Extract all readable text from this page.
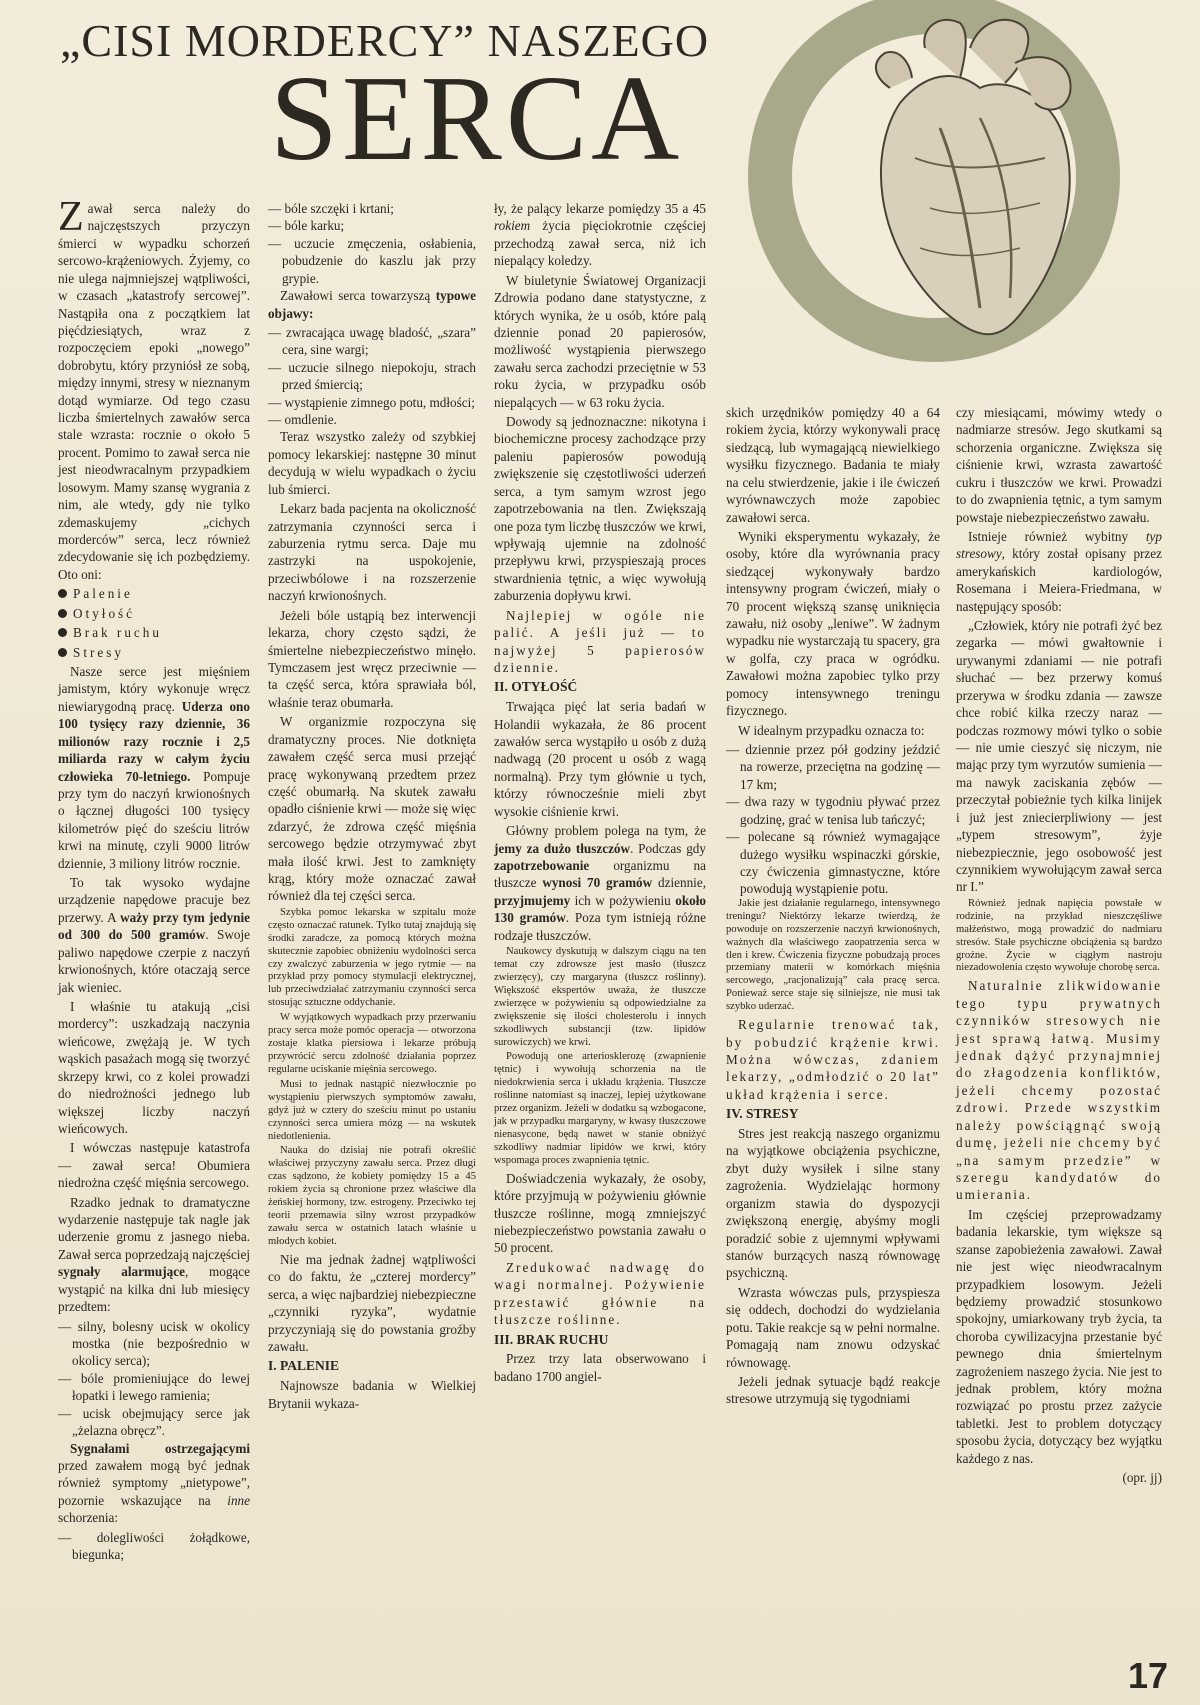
„CISI MORDERCY” NASZEGO
SERCA

Zawał serca należy do najczęstszych przyczyn śmierci w wypadku schorzeń sercowo-krążeniowych. Żyjemy, co nie ulega najmniejszej wątpliwości, w czasach „katastrofy sercowej”. Nastąpiła ona z początkiem lat pięćdziesiątych, wraz z rozpoczęciem epoki „nowego” dobrobytu, który przyniósł ze sobą, między innymi, stresy w nieznanym dotąd wymiarze. Od tego czasu liczba śmiertelnych zawałów serca stale wzrasta: rocznie o około 5 procent. Pomimo to zawał serca nie jest nieodwracalnym przypadkiem losowym. Mamy szansę wygrania z nim, ale wtedy, gdy nie tylko zdemaskujemy „cichych morderców” serca, lecz również zdecydowanie się ich pozbędziemy. Oto oni:

Palenie
Otyłość
Brak ruchu
Stresy

Nasze serce jest mięśniem jamistym, który wykonuje wręcz niewiarygodną pracę. Uderza ono 100 tysięcy razy dziennie, 36 milionów razy rocznie i 2,5 miliarda razy w całym życiu człowieka 70-letniego. Pompuje przy tym do naczyń krwionośnych o łącznej długości 100 tysięcy kilometrów pięć do sześciu litrów krwi na minutę, czyli 9000 litrów dziennie, 3 miliony litrów rocznie.

To tak wysoko wydajne urządzenie napędowe pracuje bez przerwy. A waży przy tym jedynie od 300 do 500 gramów. Swoje paliwo napędowe czerpie z naczyń krwionośnych, które otaczają serce jak wieniec.

I właśnie tu atakują „cisi mordercy”: uszkadzają naczynia wieńcowe, zwężają je. W tych wąskich pasażach mogą się tworzyć skrzepy krwi, co z kolei prowadzi do niedrożności jednego lub większej liczby naczyń wieńcowych.

I wówczas następuje katastrofa — zawał serca! Obumiera niedrożna część mięśnia sercowego.

Rzadko jednak to dramatyczne wydarzenie następuje tak nagle jak uderzenie gromu z jasnego nieba. Zawał serca poprzedzają najczęściej sygnały alarmujące, mogące wystąpić na kilka dni lub miesięcy przedtem:

— silny, bolesny ucisk w okolicy mostka (nie bezpośrednio w okolicy serca);
— bóle promieniujące do lewej łopatki i lewego ramienia;
— ucisk obejmujący serce jak „żelazna obręcz”.

Sygnałami ostrzegającymi przed zawałem mogą być jednak również symptomy „nietypowe”, pozornie wskazujące na inne schorzenia:

— dolegliwości żołądkowe, biegunka;
— bóle szczęki i krtani;
— bóle karku;
— uczucie zmęczenia, osłabienia, pobudzenie do kaszlu jak przy grypie.

Zawałowi serca towarzyszą typowe objawy:

— zwracająca uwagę bladość, „szara” cera, sine wargi;
— uczucie silnego niepokoju, strach przed śmiercią;
— wystąpienie zimnego potu, mdłości;
— omdlenie.

Teraz wszystko zależy od szybkiej pomocy lekarskiej: następne 30 minut decydują w wielu wypadkach o życiu lub śmierci.

Lekarz bada pacjenta na okoliczność zatrzymania czynności serca i zaburzenia rytmu serca. Daje mu zastrzyki na uspokojenie, przeciwbólowe i na rozszerzenie naczyń krwionośnych.

Jeżeli bóle ustąpią bez interwencji lekarza, chory często sądzi, że śmiertelne niebezpieczeństwo minęło. Tymczasem jest wręcz przeciwnie — ta część serca, która sprawiała ból, właśnie teraz obumarła.

W organizmie rozpoczyna się dramatyczny proces. Nie dotknięta zawałem część serca musi przejąć pracę wykonywaną przedtem przez część obumarłą. Na skutek zawału opadło ciśnienie krwi — może się więc zdarzyć, że zdrowa część mięśnia sercowego będzie otrzymywać zbyt mała ilość krwi. Jest to zamknięty krąg, który może oznaczać zawał również dla tej części serca.

Szybka pomoc lekarska w szpitalu może często oznaczać ratunek. Tylko tutaj znajdują się środki zaradcze, za pomocą których można skutecznie zapobiec obniżeniu wydolności serca czy zwalczyć zaburzenia w jego rytmie — na przykład przy pomocy stymulacji elektrycznej, lub przeciwdziałać zatrzymaniu czynności serca stosując sztuczne oddychanie.

W wyjątkowych wypadkach przy przerwaniu pracy serca może pomóc operacja — otworzona zostaje klatka piersiowa i lekarze próbują przywrócić sercu zdolność działania poprzez regularne uciskanie mięśnia sercowego.

Musi to jednak nastąpić niezwłocznie po wystąpieniu pierwszych symptomów zawału, gdyż już w cztery do sześciu minut po ustaniu czynności serca umiera mózg — na wskutek niedotlenienia.

Nauka do dzisiaj nie potrafi określić właściwej przyczyny zawału serca. Przez długi czas sądzono, że kobiety pomiędzy 15 a 45 rokiem życia są chronione przez właściwe dla żeńskiej hormony, tzw. estrogeny. Przeciwko tej teorii przemawia silny wzrost przypadków zawału serca w ostatnich latach właśnie u młodych kobiet.

Nie ma jednak żadnej wątpliwości co do faktu, że „czterej mordercy” serca, a więc najbardziej niebezpieczne „czynniki ryzyka”, wydatnie przyczyniają się do powstania groźby zawału.

I. PALENIE

Najnowsze badania w Wielkiej Brytanii wykaza-

ły, że palący lekarze pomiędzy 35 a 45 rokiem życia pięciokrotnie częściej przechodzą zawał serca, niż ich niepalący koledzy.

W biuletynie Światowej Organizacji Zdrowia podano dane statystyczne, z których wynika, że u osób, które palą dziennie ponad 20 papierosów, możliwość wystąpienia pierwszego zawału serca zachodzi przeciętnie w 53 roku życia, w przypadku osób niepalących — w 63 roku życia.

Dowody są jednoznaczne: nikotyna i biochemiczne procesy zachodzące przy paleniu papierosów powodują zwiększenie się częstotliwości uderzeń serca, a tym samym wzrost jego zapotrzebowania na tlen. Zwiększają one poza tym liczbę tłuszczów we krwi, wpływają ujemnie na zdolność przepływu krwi, przyspieszają proces stwardnienia tętnic, a więc wywołują zaburzenia dopływu krwi.

Najlepiej w ogóle nie palić. A jeśli już — to najwyżej 5 papierosów dziennie.

II. OTYŁOŚĆ

Trwająca pięć lat seria badań w Holandii wykazała, że 86 procent zawałów serca wystąpiło u osób z dużą nadwagą (20 procent u osób z wagą normalną). Przy tym głównie u tych, którzy równocześnie mieli zbyt wysokie ciśnienie krwi.

Główny problem polega na tym, że jemy za dużo tłuszczów. Podczas gdy zapotrzebowanie organizmu na tłuszcze wynosi 70 gramów dziennie, przyjmujemy ich w pożywieniu około 130 gramów. Poza tym istnieją różne rodzaje tłuszczów.

Naukowcy dyskutują w dalszym ciągu na ten temat czy zdrowsze jest masło (tłuszcz zwierzęcy), czy margaryna (tłuszcz roślinny). Większość ekspertów uważa, że tłuszcze zwierzęce w pożywieniu są odpowiedzialne za zwiększenie się ilości cholesterolu i innych szkodliwych substancji (tzw. lipidów surowiczych) we krwi.

Powodują one arteriosklerozę (zwapnienie tętnic) i wywołują schorzenia na tle niedokrwienia serca i układu krążenia. Tłuszcze roślinne natomiast są inaczej, lepiej użytkowane przez organizm. Jeżeli w dodatku są wzbogacone, jak w przypadku margaryny, w kwasy tłuszczowe nienasycone, będą nawet w stanie obniżyć szkodliwy nadmiar lipidów we krwi, który wspomaga proces zwapnienia tętnic.

Doświadczenia wykazały, że osoby, które przyjmują w pożywieniu głównie tłuszcze roślinne, mogą zmniejszyć niebezpieczeństwo powstania zawału o 50 procent.

Zredukować nadwagę do wagi normalnej. Pożywienie przestawić głównie na tłuszcze roślinne.

III. BRAK RUCHU

Przez trzy lata obserwowano i badano 1700 angiel-

skich urzędników pomiędzy 40 a 64 rokiem życia, którzy wykonywali pracę siedzącą, lub wymagającą niewielkiego wysiłku fizycznego. Badania te miały na celu stwierdzenie, jakie i ile ćwiczeń wyrównawczych może zapobiec zawałowi serca.

Wyniki eksperymentu wykazały, że osoby, które dla wyrównania pracy siedzącej wykonywały bardzo intensywny program ćwiczeń, miały o 70 procent większą szansę uniknięcia zawału, niż osoby „leniwe”. W żadnym wypadku nie wystarczają tu spacery, gra w golfa, czy praca w ogródku. Zawałowi można zapobiec tylko przy pomocy intensywnego treningu fizycznego.

W idealnym przypadku oznacza to:

— dziennie przez pół godziny jeździć na rowerze, przeciętna na godzinę — 17 km;
— dwa razy w tygodniu pływać przez godzinę, grać w tenisa lub tańczyć;
— polecane są również wymagające dużego wysiłku wspinaczki górskie, czy ćwiczenia gimnastyczne, które powodują wystąpienie potu.

Jakie jest działanie regularnego, intensywnego treningu? Niektórzy lekarze twierdzą, że powoduje on rozszerzenie naczyń krwionośnych, ważnych dla właściwego zaopatrzenia serca w tlen i krew. Ćwiczenia fizyczne pobudzają proces przemiany materii w komórkach mięśnia sercowego, „racjonalizują” cała pracę serca. Ponieważ serce staje się silniejsze, nie musi tak szybko uderzać.

Regularnie trenować tak, by pobudzić krążenie krwi. Można wówczas, zdaniem lekarzy, „odmłodzić o 20 lat” układ krążenia i serce.

IV. STRESY

Stres jest reakcją naszego organizmu na wyjątkowe obciążenia psychiczne, zbyt duży wysiłek i silne stany zagrożenia. Wydzielając hormony organizm stawia do dyspozycji zwiększoną energię, abyśmy mogli poradzić sobie z ujemnymi wpływami stanów burzących naszą równowagę psychiczną.

Wzrasta wówczas puls, przyspiesza się oddech, dochodzi do wydzielania potu. Takie reakcje są w pełni normalne. Pomagają nam znowu odzyskać równowagę.

Jeżeli jednak sytuacje bądź reakcje stresowe utrzymują się tygodniami

czy miesiącami, mówimy wtedy o nadmiarze stresów. Jego skutkami są schorzenia organiczne. Zwiększa się ciśnienie krwi, wzrasta zawartość cukru i tłuszczów we krwi. Prowadzi to do zwapnienia tętnic, a tym samym powstaje niebezpieczeństwo zawału.

Istnieje również wybitny typ stresowy, który został opisany przez amerykańskich kardiologów, Rosemana i Meiera-Friedmana, w następujący sposób:

„Człowiek, który nie potrafi żyć bez zegarka — mówi gwałtownie i urywanymi zdaniami — nie potrafi słuchać — bez przerwy komuś przerywa w środku zdania — zawsze chce robić kilka rzeczy naraz — podczas rozmowy mówi tylko o sobie — nie umie cieszyć się niczym, nie mając przy tym wyrzutów sumienia — ma nawyk zaciskania zębów — przeczytał pobieżnie tych kilka linijek i już jest zniecierpliwiony — jest „typem stresowym”, żyje niebezpiecznie, jego osobowość jest czynnikiem wywołującym zawał serca nr I.”

Również jednak napięcia powstałe w rodzinie, na przykład nieszczęśliwe małżeństwo, mogą prowadzić do nadmiaru stresów. Stałe psychiczne obciążenia są bardzo groźne. Życie w ciągłym nastroju niezadowolenia często wywołuje chorobę serca.

Naturalnie zlikwidowanie tego typu prywatnych czynników stresowych nie jest sprawą łatwą. Musimy jednak dążyć przynajmniej do złagodzenia konfliktów, jeżeli chcemy pozostać zdrowi. Przede wszystkim należy powściągnąć swoją dumę, jeżeli nie chcemy być „na samym przedzie” w szeregu kandydatów do umierania.

Im częściej przeprowadzamy badania lekarskie, tym większe są szanse zapobieżenia zawałowi. Zawał nie jest więc nieodwracalnym przypadkiem losowym. Jeżeli będziemy prowadzić stosunkowo spokojny, umiarkowany tryb życia, ta choroba cywilizacyjna przestanie być pewnego dnia śmiertelnym zagrożeniem naszego życia. Nie jest to jednak problem, który można rozwiązać po prostu przez zażycie tabletki. Jest to problem dotyczący sposobu życia, dotyczący bez wyjątku każdego z nas.

(opr. jj)
17
